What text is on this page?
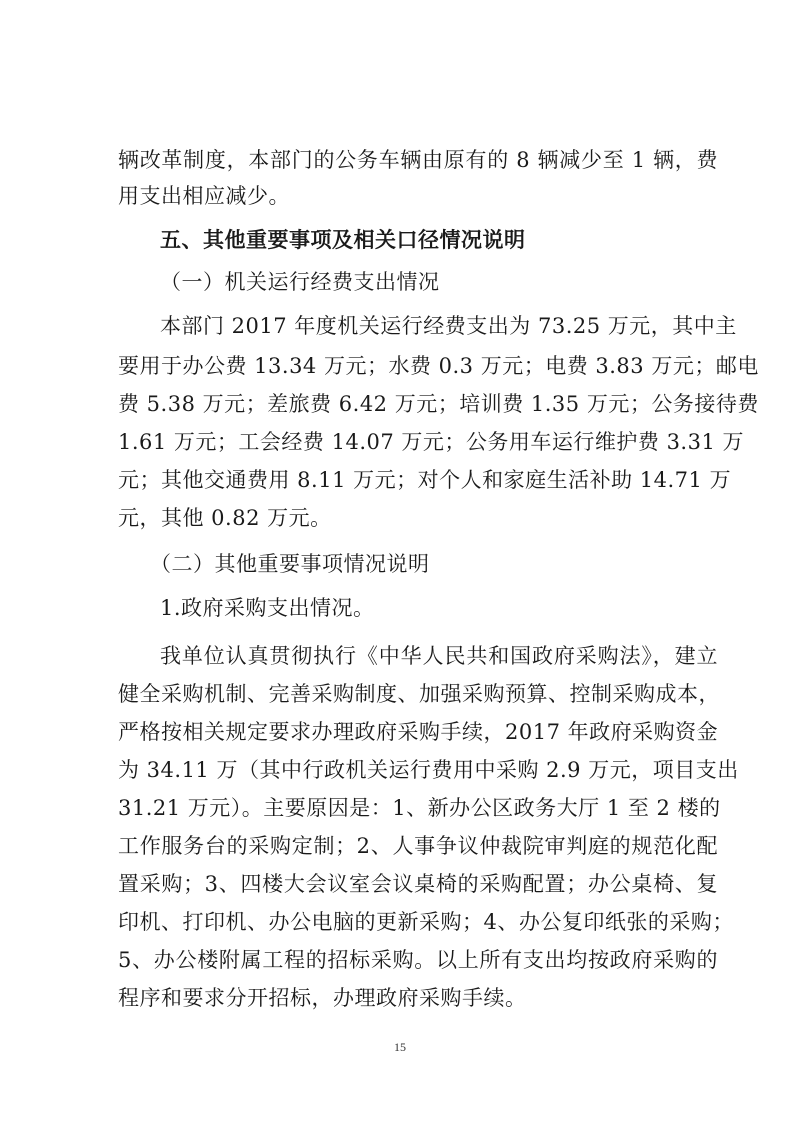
辆改革制度，本部门的公务车辆由原有的 8 辆减少至 1 辆，费
用支出相应减少。
五、其他重要事项及相关口径情况说明
（一）机关运行经费支出情况
本部门 2017 年度机关运行经费支出为 73.25 万元，其中主
要用于办公费 13.34 万元；水费 0.3 万元；电费 3.83 万元；邮电
费 5.38 万元；差旅费 6.42 万元；培训费 1.35 万元；公务接待费
1.61 万元；工会经费 14.07 万元；公务用车运行维护费 3.31 万
元；其他交通费用 8.11 万元；对个人和家庭生活补助 14.71 万
元，其他 0.82 万元。
（二）其他重要事项情况说明
1.政府采购支出情况。
我单位认真贯彻执行《中华人民共和国政府采购法》，建立
健全采购机制、完善采购制度、加强采购预算、控制采购成本，
严格按相关规定要求办理政府采购手续，2017 年政府采购资金
为 34.11 万（其中行政机关运行费用中采购 2.9 万元，项目支出
31.21 万元）。主要原因是：1、新办公区政务大厅 1 至 2 楼的
工作服务台的采购定制；2、人事争议仲裁院审判庭的规范化配
置采购；3、四楼大会议室会议桌椅的采购配置；办公桌椅、复
印机、打印机、办公电脑的更新采购；4、办公复印纸张的采购；
5、办公楼附属工程的招标采购。以上所有支出均按政府采购的
程序和要求分开招标，办理政府采购手续。
15
